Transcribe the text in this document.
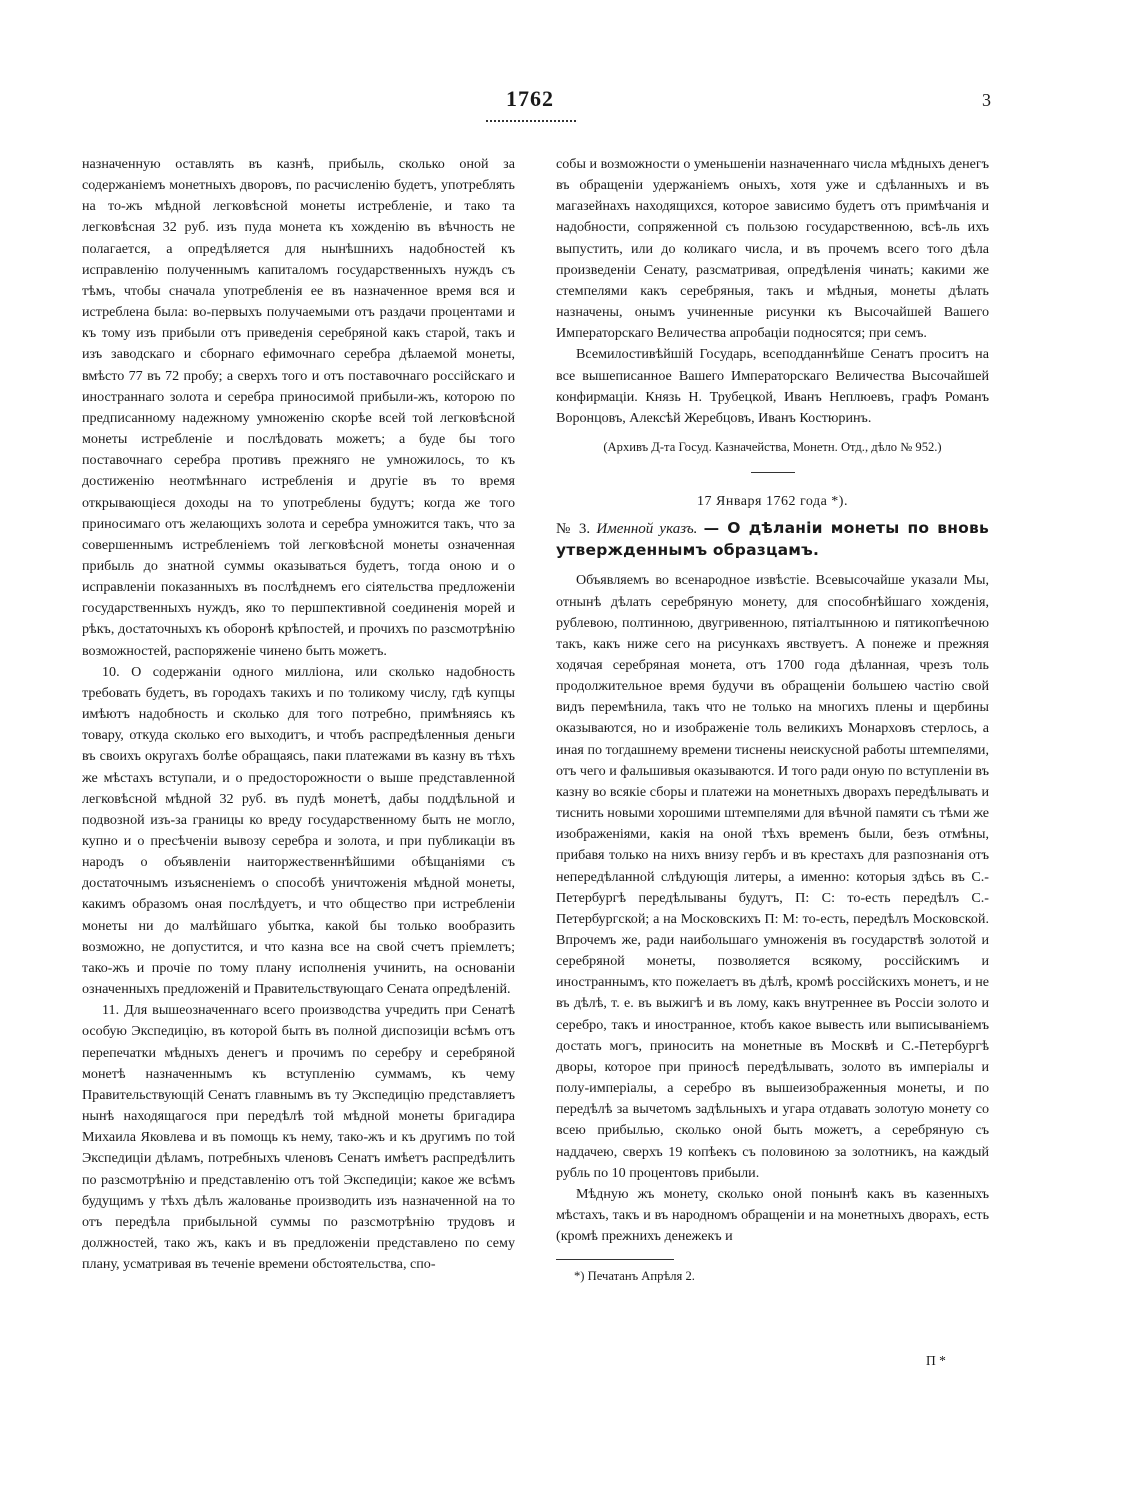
1762	3

назначенную оставлять въ казнѣ, прибыль, сколько оной за содержаніемъ монетныхъ дворовъ, по расчисленію будетъ, употреблять на то-жъ мѣдной легковѣсной монеты истребленіе, и тако та легковѣсная 32 руб. изъ пуда монета къ хожденію въ вѣчность не полагается, а опредѣляется для нынѣшнихъ надобностей къ исправленію полученнымъ капиталомъ государственныхъ нуждъ съ тѣмъ, чтобы сначала употребленія ее въ назначенное время вся и истреблена была: во-первыхъ получаемыми отъ раздачи процентами и къ тому изъ прибыли отъ приведенія серебряной какъ старой, такъ и изъ заводскаго и сборнаго ефимочнаго серебра дѣлаемой монеты, вмѣсто 77 въ 72 пробу; а сверхъ того и отъ поставочнаго россійскаго и иностраннаго золота и серебра приносимой прибыли-жъ, которою по предписанному надежному умноженію скорѣе всей той легковѣсной монеты истребленіе и послѣдовать можетъ; а буде бы того поставочнаго серебра противъ прежняго не умножилось, то къ достиженію неотмѣннаго истребленія и другіе въ то время открывающіеся доходы на то употреблены будутъ; когда же того приносимаго отъ желающихъ золота и серебра умножится такъ, что за совершеннымъ истребленіемъ той легковѣсной монеты означенная прибыль до знатной суммы оказываться будетъ, тогда оною и о исправленіи показанныхъ въ послѣднемъ его сіятельства предложеніи государственныхъ нуждъ, яко то першпективной соединенія морей и рѣкъ, достаточныхъ къ оборонѣ крѣпостей, и прочихъ по разсмотрѣнію возможностей, распоряженіе чинено быть можетъ.

10. О содержаніи одного милліона, или сколько надобность требовать будетъ, въ городахъ такихъ и по толикому числу, гдѣ купцы имѣютъ надобность и сколько для того потребно, примѣняясь къ товару, откуда сколько его выходитъ, и чтобъ распредѣленныя деньги въ своихъ округахъ болѣе обращаясь, паки платежами въ казну въ тѣхъ же мѣстахъ вступали, и о предосторожности о выше представленной легковѣсной мѣдной 32 руб. въ пудѣ монетѣ, дабы поддѣльной и подвозной изъ-за границы ко вреду государственному быть не могло, купно и о пресѣченіи вывозу серебра и золота, и при публикаціи въ народъ о объявленіи наиторжественнѣйшими обѣщаніями съ достаточнымъ изъясненіемъ о способѣ уничтоженія мѣдной монеты, какимъ образомъ оная послѣдуетъ, и что общество при истребленіи монеты ни до малѣйшаго убытка, какой бы только вообразить возможно, не допустится, и что казна все на свой счетъ пріемлетъ; тако-жъ и прочіе по тому плану исполненія учинить, на основаніи означенныхъ предложеній и Правительствующаго Сената опредѣленій.

11. Для вышеозначеннаго всего производства учредить при Сенатѣ особую Экспедицію, въ которой быть въ полной диспозиціи всѣмъ отъ перепечатки мѣдныхъ денегъ и прочимъ по серебру и серебряной монетѣ назначеннымъ къ вступленію суммамъ, къ чему Правительствующій Сенатъ главнымъ въ ту Экспедицію представляетъ нынѣ находящагося при передѣлѣ той мѣдной монеты бригадира Михаила Яковлева и въ помощь къ нему, тако-жъ и къ другимъ по той Экспедиціи дѣламъ, потребныхъ членовъ Сенатъ имѣетъ распредѣлить по разсмотрѣнію и представленію отъ той Экспедиціи; какое же всѣмъ будущимъ у тѣхъ дѣлъ жалованье производить изъ назначенной на то отъ передѣла прибыльной суммы по разсмотрѣнію трудовъ и должностей, тако жъ, какъ и въ предложеніи представлено по сему плану, усматривая въ теченіе времени обстоятельства, спо-

собы и возможности о уменьшеніи назначеннаго числа мѣдныхъ денегъ въ обращеніи удержаніемъ оныхъ, хотя уже и сдѣланныхъ и въ магазейнахъ находящихся, которое зависимо будетъ отъ примѣчанія и надобности, сопряженной съ пользою государственною, всѣ-ль ихъ выпустить, или до коликаго числа, и въ прочемъ всего того дѣла произведеніи Сенату, разсматривая, опредѣленія чинать; какими же стемпелями какъ серебряныя, такъ и мѣдныя, монеты дѣлать назначены, онымъ учиненные рисунки къ Высочайшей Вашего Императорскаго Величества апробаціи подносятся; при семъ.

Всемилостивѣйшій Государь, всеподданнѣйше Сенатъ проситъ на все вышеписанное Вашего Императорскаго Величества Высочайшей конфирмаціи. Князь Н. Трубецкой, Иванъ Неплюевъ, графъ Романъ Воронцовъ, Алексѣй Жеребцовъ, Иванъ Костюринъ.

(Архивъ Д-та Госуд. Казначейства, Монетн. Отд., дѣло № 952.)

17 Января 1762 года *).

№ 3. Именной указъ. — О дѣланіи монеты по вновь утвержденнымъ образцамъ.

Объявляемъ во всенародное извѣстіе. Всевысочайше указали Мы, отнынѣ дѣлать серебряную монету, для способнѣйшаго хожденія, рублевою, полтинною, двугривенною, пятіалтынною и пятикопѣечною такъ, какъ ниже сего на рисункахъ явствуетъ. А понеже и прежняя ходячая серебряная монета, отъ 1700 года дѣланная, чрезъ толь продолжительное время будучи въ обращеніи большею частію свой видъ перемѣнила, такъ что не только на многихъ плены и щербины оказываются, но и изображеніе толь великихъ Монарховъ стерлось, а иная по тогдашнему времени тиснены неискусной работы штемпелями, отъ чего и фальшивыя оказываются. И того ради оную по вступленіи въ казну во всякіе сборы и платежи на монетныхъ дворахъ передѣлывать и тиснить новыми хорошими штемпелями для вѣчной памяти съ тѣми же изображеніями, какія на оной тѣхъ временъ были, безъ отмѣны, прибавя только на нихъ внизу гербъ и въ крестахъ для разпознанія отъ непередѣланной слѣдующія литеры, а именно: которыя здѣсь въ С.-Петербургѣ передѣлываны будутъ, П: С: то-есть передѣлъ С.-Петербургской; а на Московскихъ П: М: то-есть, передѣлъ Московской. Впрочемъ же, ради наибольшаго умноженія въ государствѣ золотой и серебряной монеты, позволяется всякому, россійскимъ и иностраннымъ, кто пожелаетъ въ дѣлѣ, кромѣ россійскихъ монетъ, и не въ дѣлѣ, т. е. въ выжигѣ и въ лому, какъ внутреннее въ Россіи золото и серебро, такъ и иностранное, ктобъ какое вывесть или выписываніемъ достать могъ, приносить на монетные въ Москвѣ и С.-Петербургѣ дворы, которое при приносѣ передѣлывать, золото въ имперіалы и полу-имперіалы, а серебро въ вышеизображенныя монеты, и по передѣлѣ за вычетомъ задѣльныхъ и угара отдавать золотую монету со всею прибылью, сколько оной быть можетъ, а серебряную съ наддачею, сверхъ 19 копѣекъ съ половиною за золотникъ, на каждый рубль по 10 процентовъ прибыли.

Мѣдную жъ монету, сколько оной понынѣ какъ въ казенныхъ мѣстахъ, такъ и въ народномъ обращеніи и на монетныхъ дворахъ, есть (кромѣ прежнихъ денежекъ и

*) Печатанъ Апрѣля 2.

П *
